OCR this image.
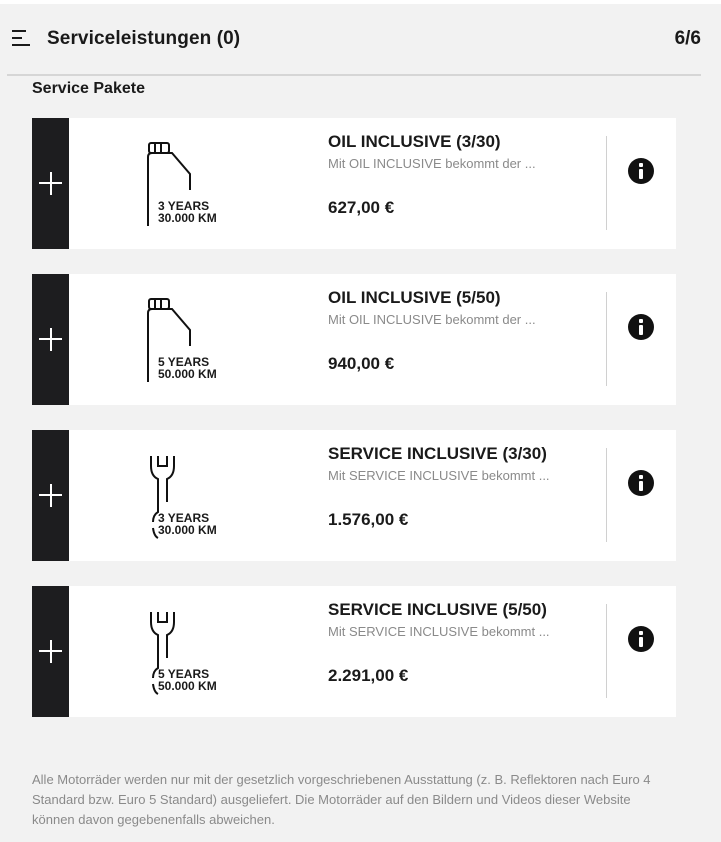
Serviceleistungen (0)	6/6
Service Pakete
3 YEARS
30.000 KM
OIL INCLUSIVE (3/30)
Mit OIL INCLUSIVE bekommt der ...
627,00 €
5 YEARS
50.000 KM
OIL INCLUSIVE (5/50)
Mit OIL INCLUSIVE bekommt der ...
940,00 €
3 YEARS
30.000 KM
SERVICE INCLUSIVE (3/30)
Mit SERVICE INCLUSIVE bekommt ...
1.576,00 €
5 YEARS
50.000 KM
SERVICE INCLUSIVE (5/50)
Mit SERVICE INCLUSIVE bekommt ...
2.291,00 €
Alle Motorräder werden nur mit der gesetzlich vorgeschriebenen Ausstattung (z. B. Reflektoren nach Euro 4 Standard bzw. Euro 5 Standard) ausgeliefert. Die Motorräder auf den Bildern und Videos dieser Website können davon gegebenenfalls abweichen.
